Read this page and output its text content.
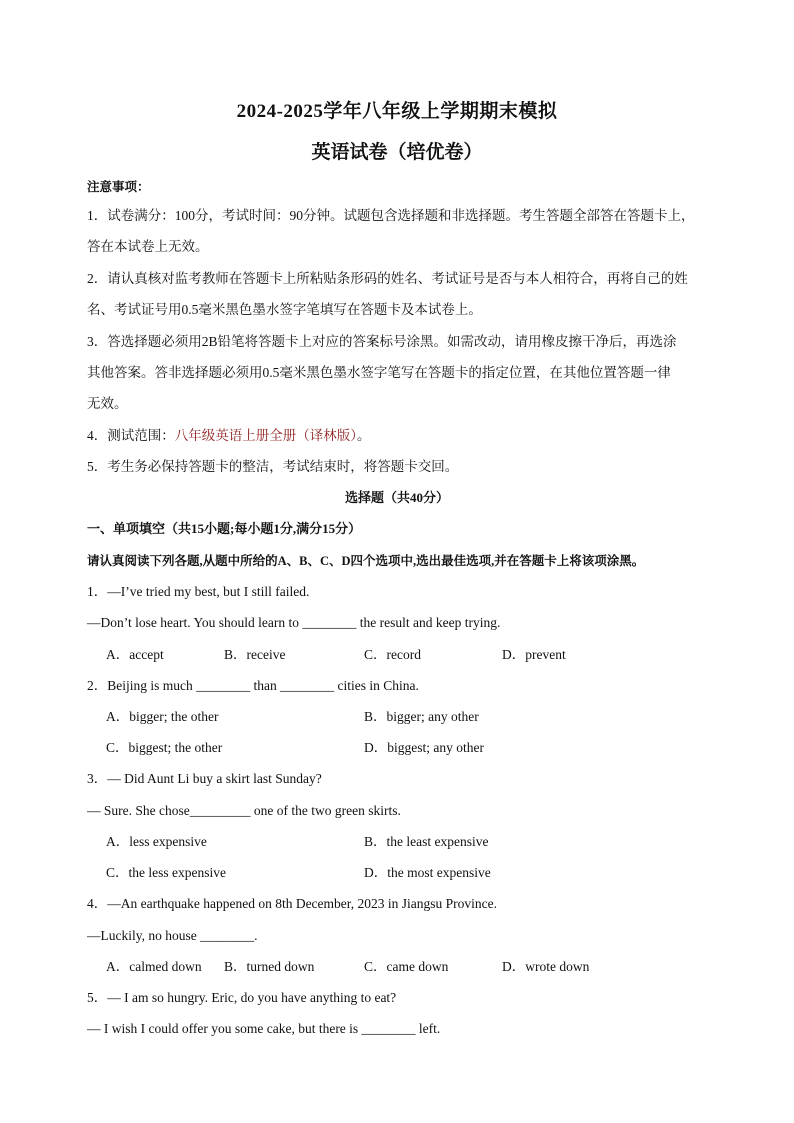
2024-2025学年八年级上学期期末模拟
英语试卷（培优卷）
注意事项：
1．试卷满分：100分，考试时间：90分钟。试题包含选择题和非选择题。考生答题全部答在答题卡上，
答在本试卷上无效。
2．请认真核对监考教师在答题卡上所粘贴条形码的姓名、考试证号是否与本人相符合，再将自己的姓
名、考试证号用0.5毫米黑色墨水签字笔填写在答题卡及本试卷上。
3．答选择题必须用2B铅笔将答题卡上对应的答案标号涂黑。如需改动，请用橡皮擦干净后，再选涂
其他答案。答非选择题必须用0.5毫米黑色墨水签字笔写在答题卡的指定位置，在其他位置答题一律
无效。
4．测试范围：八年级英语上册全册（译林版）。
5．考生务必保持答题卡的整洁，考试结束时，将答题卡交回。
选择题（共40分）
一、单项填空（共15小题;每小题1分,满分15分）
请认真阅读下列各题,从题中所给的A、B、C、D四个选项中,选出最佳选项,并在答题卡上将该项涂黑。
1．—I’ve tried my best, but I still failed.
—Don’t lose heart. You should learn to ________ the result and keep trying.
A．accept	B．receive	C．record	D．prevent
2．Beijing is much ________ than ________ cities in China.
A．bigger; the other	B．bigger; any other
C．biggest; the other	D．biggest; any other
3．— Did Aunt Li buy a skirt last Sunday?
— Sure. She chose_________ one of the two green skirts.
A．less expensive	B．the least expensive
C．the less expensive	D．the most expensive
4．—An earthquake happened on 8th December, 2023 in Jiangsu Province.
—Luckily, no house ________.
A．calmed down B．turned down	C．came down	D．wrote down
5．— I am so hungry. Eric, do you have anything to eat?
— I wish I could offer you some cake, but there is ________ left.
